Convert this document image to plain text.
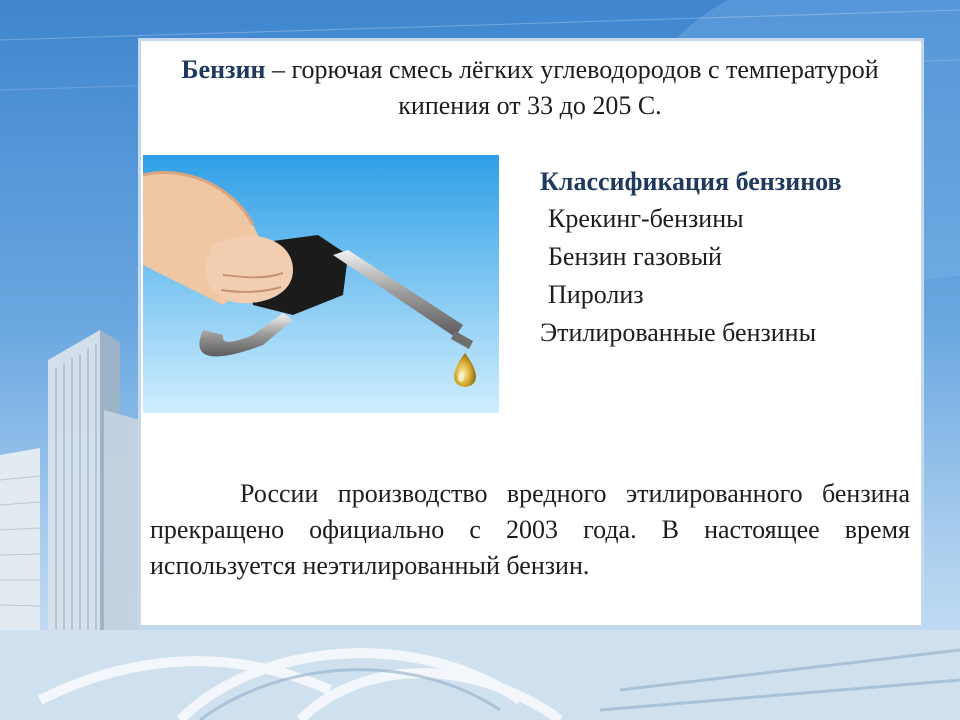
Бензин – горючая смесь лёгких углеводородов с температурой кипения от 33 до 205 С.

Классификация бензинов

Крекинг-бензины
Бензин газовый
Пиролиз
Этилированные бензины

России производство вредного этилированного бензина прекращено официально с 2003 года. В настоящее время используется неэтилированный бензин.
